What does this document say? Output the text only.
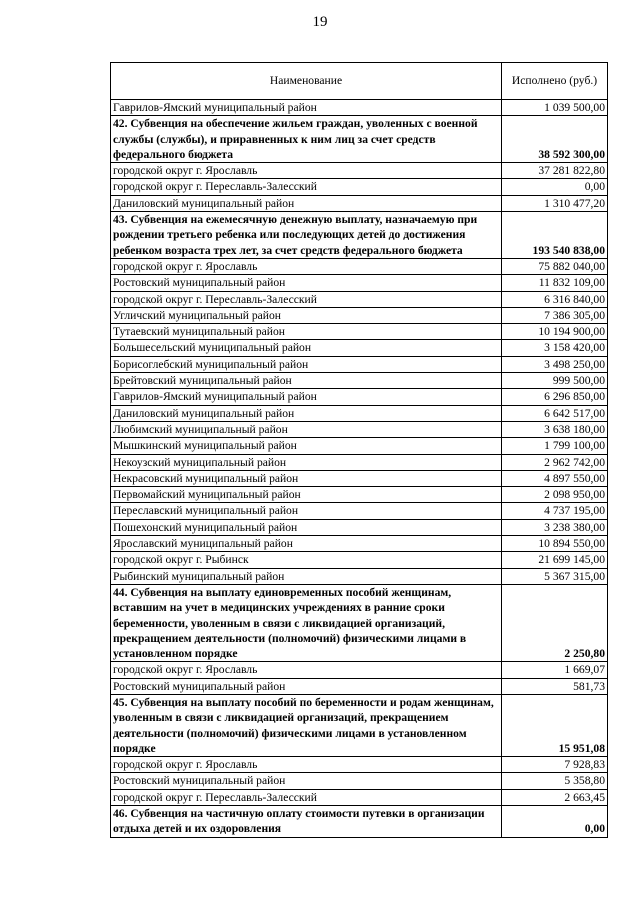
19
Наименование	Исполнено (руб.)
Гаврилов-Ямский муниципальный район	1 039 500,00
42. Субвенция на обеспечение жильем граждан, уволенных с военной службы (службы), и приравненных к ним лиц за счет средств федерального бюджета	38 592 300,00
городской округ г. Ярославль	37 281 822,80
городской округ г. Переславль-Залесский	0,00
Даниловский муниципальный район	1 310 477,20
43. Субвенция на ежемесячную денежную выплату, назначаемую при рождении третьего ребенка или последующих детей до достижения ребенком возраста трех лет, за счет средств федерального бюджета	193 540 838,00
городской округ г. Ярославль	75 882 040,00
Ростовский муниципальный район	11 832 109,00
городской округ г. Переславль-Залесский	6 316 840,00
Угличский муниципальный район	7 386 305,00
Тутаевский муниципальный район	10 194 900,00
Большесельский муниципальный район	3 158 420,00
Борисоглебский муниципальный район	3 498 250,00
Брейтовский муниципальный район	999 500,00
Гаврилов-Ямский муниципальный район	6 296 850,00
Даниловский муниципальный район	6 642 517,00
Любимский муниципальный район	3 638 180,00
Мышкинский муниципальный район	1 799 100,00
Некоузский муниципальный район	2 962 742,00
Некрасовский муниципальный район	4 897 550,00
Первомайский муниципальный район	2 098 950,00
Переславский муниципальный район	4 737 195,00
Пошехонский муниципальный район	3 238 380,00
Ярославский муниципальный район	10 894 550,00
городской округ г. Рыбинск	21 699 145,00
Рыбинский муниципальный район	5 367 315,00
44. Субвенция на выплату единовременных пособий женщинам, вставшим на учет в медицинских учреждениях в ранние сроки беременности, уволенным в связи с ликвидацией организаций, прекращением деятельности (полномочий) физическими лицами в установленном порядке	2 250,80
городской округ г. Ярославль	1 669,07
Ростовский муниципальный район	581,73
45. Субвенция на выплату пособий по беременности и родам женщинам, уволенным в связи с ликвидацией организаций, прекращением деятельности (полномочий) физическими лицами в установленном порядке	15 951,08
городской округ г. Ярославль	7 928,83
Ростовский муниципальный район	5 358,80
городской округ г. Переславль-Залесский	2 663,45
46. Субвенция на частичную оплату стоимости путевки в организации отдыха детей и их оздоровления	0,00
